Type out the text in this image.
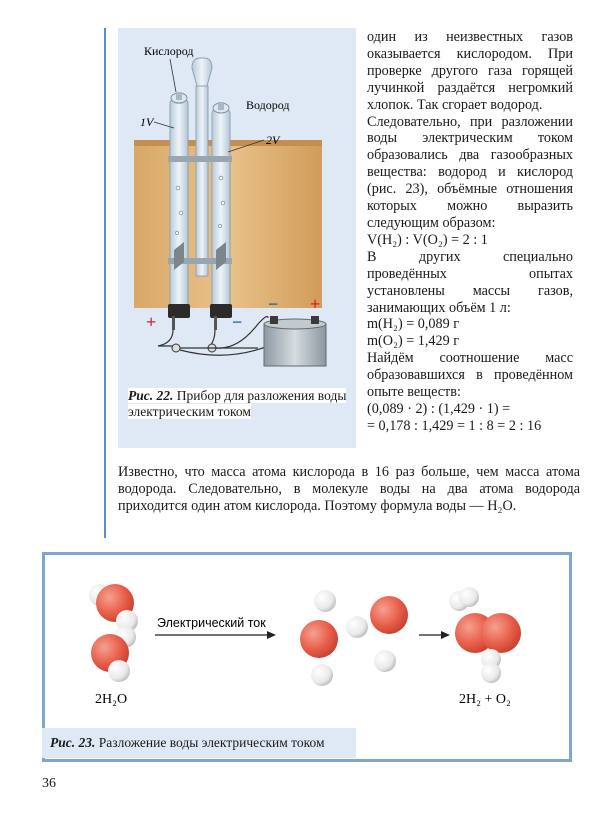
Кислород
Водород
1V
2V
+	−
− +
Рис. 22. Прибор для разложения воды электрическим током

один из неизвестных газов оказывается кислородом. При проверке другого газа горящей лучинкой раздаётся негромкий хлопок. Так сгорает водород.

Следовательно, при разложении воды электрическим током образовались два газообразных вещества: водород и кислород (рис. 23), объёмные отношения которых можно выразить следующим образом:

V(H₂) : V(O₂) = 2 : 1

В других специально проведённых опытах установлены массы газов, занимающих объём 1 л:

m(H₂) = 0,089 г

m(O₂) = 1,429 г

Найдём соотношение масс образовавшихся в проведённом опыте веществ:

(0,089 · 2) : (1,429 · 1) =

= 0,178 : 1,429 = 1 : 8 = 2 : 16

Известно, что масса атома кислорода в 16 раз больше, чем масса атома водорода. Следовательно, в молекуле воды на два атома водорода приходится один атом кислорода. Поэтому формула воды — H₂O.
2H₂O
Электрический ток
2H₂ + O₂
Рис. 23. Разложение воды электрическим током
36
